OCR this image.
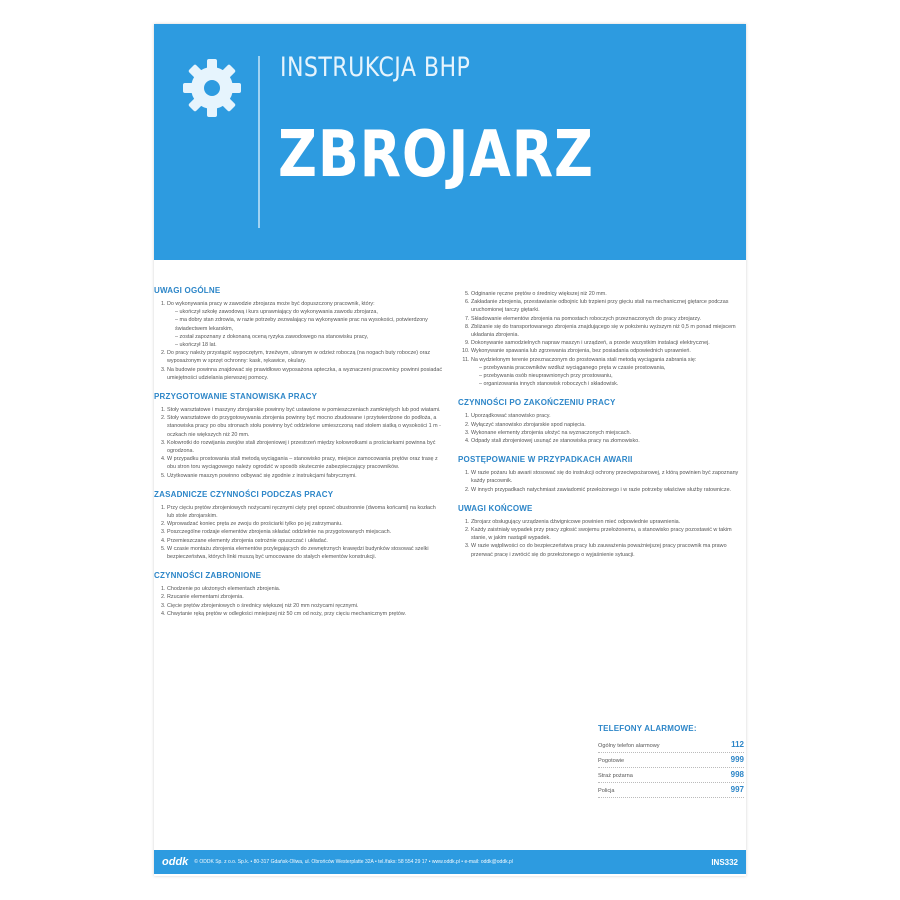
INSTRUKCJA BHP
ZBROJARZ
UWAGI OGÓLNE
1. Do wykonywania pracy w zawodzie zbrojarza może być dopuszczony pracownik, który:
– ukończył szkołę zawodową i kurs uprawniający do wykonywania zawodu zbrojarza,
– ma dobry stan zdrowia, w razie potrzeby zezwalający na wykonywanie prac na wysokości, potwierdzony świadectwem lekarskim,
– został zapoznany z dokonaną oceną ryzyka zawodowego na stanowisku pracy,
– ukończył 18 lat.
2. Do pracy należy przystąpić wypoczętym, trzeźwym, ubranym w odzież roboczą (na nogach buty robocze) oraz wyposażonym w sprzęt ochronny: kask, rękawice, okulary.
3. Na budowie powinna znajdować się prawidłowo wyposażona apteczka, a wyznaczeni pracownicy powinni posiadać umiejętności udzielania pierwszej pomocy.
PRZYGOTOWANIE STANOWISKA PRACY
1. Stoły warsztatowe i maszyny zbrojarskie powinny być ustawione w pomieszczeniach zamkniętych lub pod wiatami.
2. Stoły warsztatowe do przygotowywania zbrojenia powinny być mocno zbudowane i przytwierdzone do podłoża, a stanowiska pracy po obu stronach stołu powinny być oddzielone umieszczoną nad stołem siatką o wysokości 1 m - oczkach nie większych niż 20 mm.
3. Kołowrotki do rozwijania zwojów stali zbrojeniowej i przestrzeń między kołowrotkami a prościarkami powinna być ogrodzona.
4. W przypadku prostowania stali metodą wyciągania – stanowisko pracy, miejsce zamocowania prętów oraz trasę z obu stron toru wyciągowego należy ogrodzić w sposób skutecznie zabezpieczający pracowników.
5. Użytkowanie maszyn powinno odbywać się zgodnie z instrukcjami fabrycznymi.
ZASADNICZE CZYNNOŚCI PODCZAS PRACY
1. Przy cięciu prętów zbrojeniowych nożycami ręcznymi cięty pręt oprzeć obustronnie (dwoma końcami) na kozłach lub stole zbrojarskim.
2. Wprowadzać koniec pręta ze zwoju do prościarki tylko po jej zatrzymaniu.
3. Poszczególne rodzaje elementów zbrojenia składać oddzielnie na przygotowanych miejscach.
4. Przemieszczane elementy zbrojenia ostrożnie opuszczać i układać.
5. W czasie montażu zbrojenia elementów przylegających do zewnętrznych krawędzi budynków stosować szelki bezpieczeństwa, których linki muszą być umocowane do stałych elementów konstrukcji.
CZYNNOŚCI ZABRONIONE
1. Chodzenie po ułożonych elementach zbrojenia.
2. Rzucanie elementami zbrojenia.
3. Cięcie prętów zbrojeniowych o średnicy większej niż 20 mm nożycami ręcznymi.
4. Chwytanie ręką prętów w odległości mniejszej niż 50 cm od noży, przy cięciu mechanicznym prętów.
5. Odginanie ręczne prętów o średnicy większej niż 20 mm.
6. Zakładanie zbrojenia, przestawianie odbojnic lub trzpieni przy gięciu stali na mechanicznej giętarce podczas uruchomionej tarczy giętarki.
7. Składowanie elementów zbrojenia na pomostach roboczych przeznaczonych do pracy zbrojarzy.
8. Zbliżanie się do transportowanego zbrojenia znajdującego się w położeniu wyższym niż 0,5 m ponad miejscem układania zbrojenia.
9. Dokonywanie samodzielnych napraw maszyn i urządzeń, a przede wszystkim instalacji elektrycznej.
10. Wykonywanie spawania lub zgrzewania zbrojenia, bez posiadania odpowiednich uprawnień.
11. Na wydzielonym terenie przeznaczonym do prostowania stali metodą wyciągania zabrania się:
– przebywania pracowników wzdłuż wyciąganego pręta w czasie prostowania,
– przebywania osób nieuprawnionych przy prostowaniu,
– organizowania innych stanowisk roboczych i składowisk.
CZYNNOŚCI PO ZAKOŃCZENIU PRACY
1. Uporządkować stanowisko pracy.
2. Wyłączyć stanowisko zbrojarskie spod napięcia.
3. Wykonane elementy zbrojenia ułożyć na wyznaczonych miejscach.
4. Odpady stali zbrojeniowej usunąć ze stanowiska pracy na złomowisko.
POSTĘPOWANIE W PRZYPADKACH AWARII
1. W razie pożaru lub awarii stosować się do instrukcji ochrony przeciwpożarowej, z którą powinien być zapoznany każdy pracownik.
2. W innych przypadkach natychmiast zawiadomić przełożonego i w razie potrzeby właściwe służby ratownicze.
UWAGI KOŃCOWE
1. Zbrojarz obsługujący urządzenia dźwignicowe powinien mieć odpowiednie uprawnienia.
2. Każdy zaistniały wypadek przy pracy zgłosić swojemu przełożonemu, a stanowisko pracy pozostawić w takim stanie, w jakim nastąpił wypadek.
3. W razie wątpliwości co do bezpieczeństwa pracy lub zauważenia poważniejszej pracy pracownik ma prawo przerwać pracę i zwrócić się do przełożonego o wyjaśnienie sytuacji.
TELEFONY ALARMOWE:
Ogólny telefon alarmowy	112
Pogotowie	999
Straż pożarna	998
Policja	997
oddk © ODDK Sp. z o.o. Sp.k. • 80-317 Gdańsk-Oliwa, ul. Obrońców Westerplatte 32A • tel./faks: 58 554 29 17 • www.oddk.pl • e-mail: oddk@oddk.pl	INS332
